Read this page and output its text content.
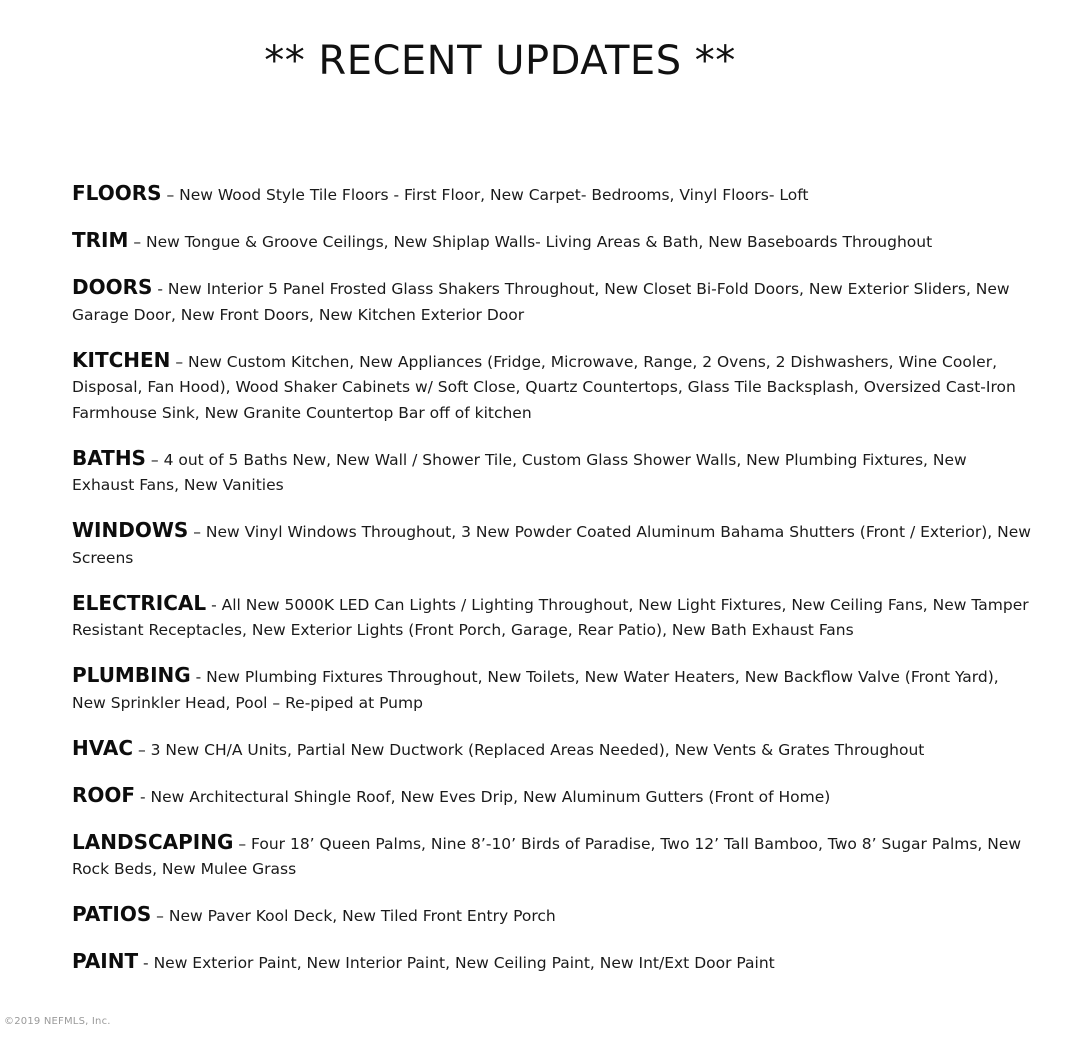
** RECENT UPDATES **
FLOORS – New Wood Style Tile Floors - First Floor, New Carpet- Bedrooms, Vinyl Floors- Loft
TRIM – New Tongue & Groove Ceilings, New Shiplap Walls- Living Areas & Bath, New Baseboards Throughout
DOORS - New Interior 5 Panel Frosted Glass Shakers Throughout, New Closet Bi-Fold Doors, New Exterior Sliders, New Garage Door, New Front Doors, New Kitchen Exterior Door
KITCHEN – New Custom Kitchen, New Appliances (Fridge, Microwave, Range, 2 Ovens, 2 Dishwashers, Wine Cooler, Disposal, Fan Hood), Wood Shaker Cabinets w/ Soft Close, Quartz Countertops, Glass Tile Backsplash, Oversized Cast-Iron Farmhouse Sink, New Granite Countertop Bar off of kitchen
BATHS – 4 out of 5 Baths New, New Wall / Shower Tile, Custom Glass Shower Walls, New Plumbing Fixtures, New Exhaust Fans, New Vanities
WINDOWS – New Vinyl Windows Throughout, 3 New Powder Coated Aluminum Bahama Shutters (Front / Exterior), New Screens
ELECTRICAL - All New 5000K LED Can Lights / Lighting Throughout, New Light Fixtures, New Ceiling Fans, New Tamper Resistant Receptacles, New Exterior Lights (Front Porch, Garage, Rear Patio), New Bath Exhaust Fans
PLUMBING - New Plumbing Fixtures Throughout, New Toilets, New Water Heaters, New Backflow Valve (Front Yard), New Sprinkler Head, Pool – Re-piped at Pump
HVAC – 3 New CH/A Units, Partial New Ductwork (Replaced Areas Needed), New Vents & Grates Throughout
ROOF - New Architectural Shingle Roof, New Eves Drip, New Aluminum Gutters (Front of Home)
LANDSCAPING – Four 18’ Queen Palms, Nine 8’-10’ Birds of Paradise, Two 12’ Tall Bamboo, Two 8’ Sugar Palms, New Rock Beds, New Mulee Grass
PATIOS – New Paver Kool Deck, New Tiled Front Entry Porch
PAINT - New Exterior Paint, New Interior Paint, New Ceiling Paint, New Int/Ext Door Paint
©2019 NEFMLS, Inc.
